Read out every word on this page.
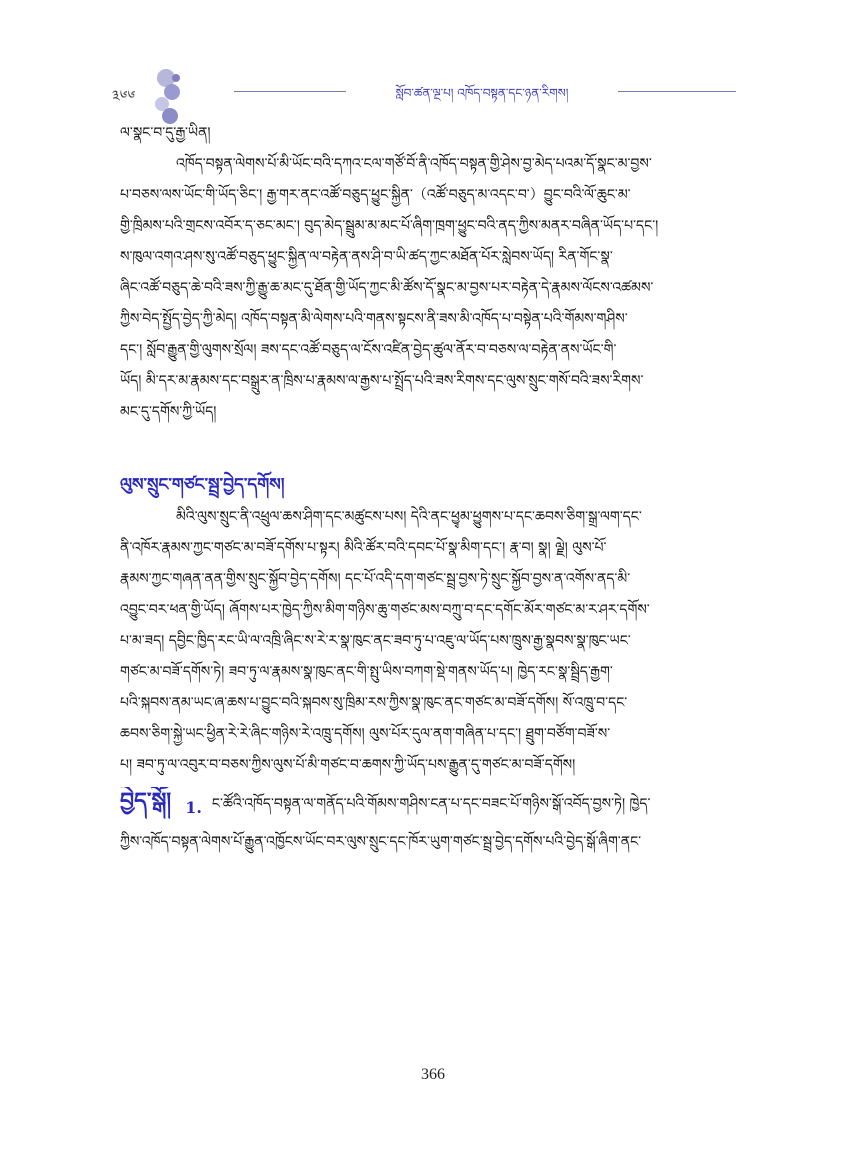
༣༦༦	སློབ་ཚན་ལྔ་པ། འཁོད་བསྟན་དང་ཉན་རིགས།
ལ་སྣང་བ་དུ་རྒྱ་ཡིན།
འཁོད་བསྟན་ལེགས་པོ་མི་ཡོང་བའི་དཀའ་ངལ་གཙོ་བོ་ནི་འཁོད་བསྟན་གྱི་ཤེས་བྱ་མེད་པའམ་དོ་སྣང་མ་བྱས་
པ་བཅས་ལས་ཡོང་གི་ཡོད་ཅིང་། རྒྱ་གར་ནང་འཚོ་བཅུད་ཕྱུང་སྐྱིན་（འཚོ་བཅུད་མ་འདང་བ་）བྱུང་བའི་ལོ་ཆུང་མ་
གྱི་ཁྲིམས་པའི་གྲངས་འབོར་ད་ཅང་མང་། བུད་མེད་སྦྲུམ་མ་མང་པོ་ཞིག་ཁྲག་ཕྱུང་བའི་ནད་ཀྱིས་མནར་བཞིན་ཡོད་པ་དང་།
ས་ཁུལ་འགའ་ཤས་སུ་འཚོ་བཅུད་ཕྱུང་སྐྱིན་ལ་བརྟེན་ནས་ཤི་བ་ཡི་ཚད་ཀྱང་མཐོན་པོར་སླེབས་ཡོད། རིན་གོང་སྣ་
ཞིང་འཚོ་བཅུད་ཆེ་བའི་ཟས་ཀྱི་རྒྱུ་ཆ་མང་དུ་ཐོན་གྱི་ཡོད་ཀྱང་མི་ཚོས་དོ་སྣང་མ་བྱས་པར་བརྟེན་དེ་རྣམས་ལོངས་འཚམས་
ཀྱིས་བེད་སྤྱོད་བྱེད་ཀྱི་མེད། འཁོད་བསྟན་མི་ལེགས་པའི་གནས་སྟངས་ནི་ཟས་མི་འཁོད་པ་བསྟེན་པའི་གོམས་གཤིས་
དང་། སློབ་རྒྱུན་གྱི་ལུགས་སྲོལ། ཟས་དང་འཚོ་བཅུད་ལ་ངོས་འཛིན་བྱེད་ཚུལ་ནོར་བ་བཅས་ལ་བརྟེན་ནས་ཡོང་གི་
ཡོད། མི་དར་མ་རྣམས་དང་བསྒྲུར་ན་ཁྲིས་པ་རྣམས་ལ་རྒྱས་པ་སྤྲོད་པའི་ཟས་རིགས་དང་ལུས་སྲུང་གསོ་བའི་ཟས་རིགས་
མང་དུ་དགོས་ཀྱི་ཡོད།
ལུས་སྲུང་གཙང་སྦྲ་བྱེད་དགོས།
མིའི་ལུས་སྲུང་ནི་འཕྲུལ་ཆས་ཤིག་དང་མཚུངས་པས། དེའི་ནང་ཕྱྭམ་ཕྱུགས་པ་དང་ཆབས་ཅིག་སྒྲ་ལག་དང་
ནི་འཁོར་རྣམས་ཀྱང་གཙང་མ་བཟོ་དགོས་པ་སྟར། མིའི་ཚོར་བའི་དབང་པོ་སྣ་མིག་དང་། རྣ་བ། སྣ། ལྗེ། ལུས་པོ་
རྣམས་ཀྱང་གཞན་ནན་གྱིས་སྲུང་སྐྱོབ་བྱེད་དགོས། དང་པོ་འདི་དག་གཙང་སྦྲ་བྱས་ཏེ་སྲུང་སྐྱོབ་བྱས་ན་འགོས་ནད་མི་
འབྱུང་བར་ཕན་གྱི་ཡོད། ཞོགས་པར་ཁྱེད་ཀྱིས་མིག་གཉིས་ཆུ་གཙང་མས་བཀྲུ་བ་དང་དགོང་མོར་གཙང་མ་ར་ཤར་དགོས་
པ་མ་ཟད། དབྱིང་ཁྱིད་རང་ཡི་ལ་འཁྲི་ཞིང་ས་རེ་ར་སྣ་ཁུང་ནང་ཟབ་ཏུ་པ་འཇུ་ལ་ཡོད་པས་ཁྲུས་རྒྱ་སྣབས་སྣ་ཁུང་ཡང་
གཙང་མ་བཟོ་དགོས་ཏེ། ཟབ་ཏུ་ལ་རྣམས་སྣ་ཁུང་ནང་གི་སྤུ་ཡིས་བཀག་སྡེ་གནས་ཡོད་པ། ཁྱེད་རང་སྣ་སྦྲིད་རྒྱག་
པའི་སྐབས་ནམ་ཡང་ཞ་ཆས་པ་བྱུང་བའི་སྐབས་སུ་ཁྲིམ་རས་ཀྱིས་སྣ་ཁུང་ནང་གཙང་མ་བཟོ་དགོས། སོ་འཁྲུ་བ་དང་
ཆབས་ཅིག་སྐྱེ་ཡང་ཕྱིན་རེ་རེ་ཞིང་གཉིས་རེ་འཁྲུ་དགོས། ལུས་པོར་དུལ་ནག་གཞིན་པ་དང་། ཐྲུག་བཙོག་བཟོ་ས་
པ། ཟབ་ཏུ་ལ་འབུར་བ་བཅས་ཀྱིས་ལུས་པོ་མི་གཙང་བ་ཆགས་ཀྱི་ཡོད་པས་རྒྱུན་དུ་གཙང་མ་བཟོ་དགོས།
བྱེད་སྒོ། 1. ང་ཚོའི་འཁོད་བསྟན་ལ་གནོད་པའི་གོམས་གཤིས་ངན་པ་དང་བཟང་པོ་གཉིས་སྒོ་འབོད་བྱས་ཏེ། ཁྱེད་
ཀྱིས་འཁོད་བསྟན་ལེགས་པོ་རྒྱུན་འཁྱོངས་ཡོང་བར་ལུས་སྲུང་དང་ཁོར་ཡུག་གཙང་སྦྲ་བྱེད་དགོས་པའི་བྱེད་སྒོ་ཞིག་ནང་
366
